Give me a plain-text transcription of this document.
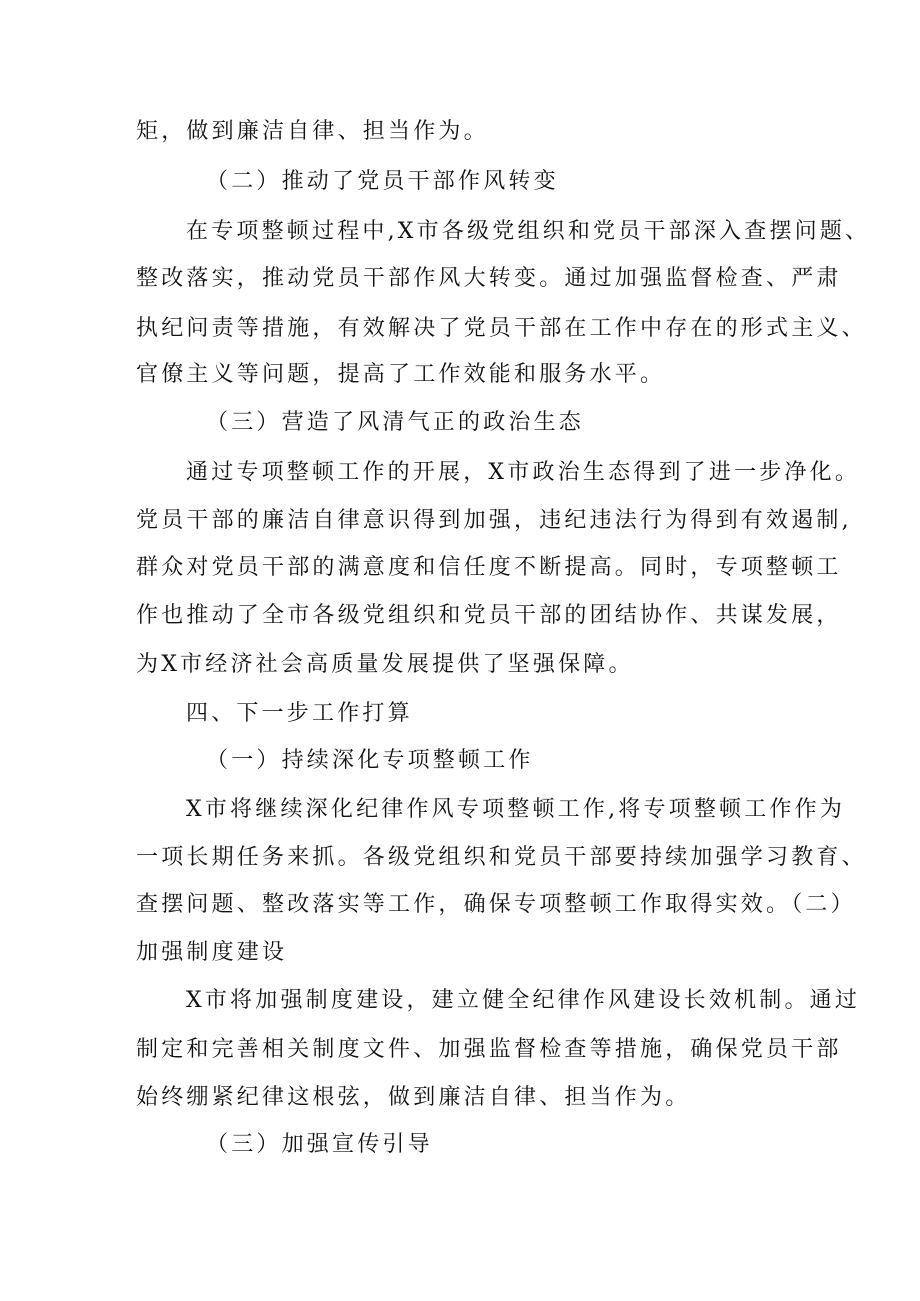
矩，做到廉洁自律、担当作为。
（二）推动了党员干部作风转变
在专项整顿过程中,X市各级党组织和党员干部深入查摆问题、
整改落实，推动党员干部作风大转变。通过加强监督检查、严肃
执纪问责等措施，有效解决了党员干部在工作中存在的形式主义、
官僚主义等问题，提高了工作效能和服务水平。
（三）营造了风清气正的政治生态
通过专项整顿工作的开展，X市政治生态得到了进一步净化。
党员干部的廉洁自律意识得到加强，违纪违法行为得到有效遏制,
群众对党员干部的满意度和信任度不断提高。同时，专项整顿工
作也推动了全市各级党组织和党员干部的团结协作、共谋发展，
为X市经济社会高质量发展提供了坚强保障。
四、下一步工作打算
（一）持续深化专项整顿工作
X市将继续深化纪律作风专项整顿工作,将专项整顿工作作为
一项长期任务来抓。各级党组织和党员干部要持续加强学习教育、
查摆问题、整改落实等工作，确保专项整顿工作取得实效。（二）
加强制度建设
X市将加强制度建设，建立健全纪律作风建设长效机制。通过
制定和完善相关制度文件、加强监督检查等措施，确保党员干部
始终绷紧纪律这根弦，做到廉洁自律、担当作为。
（三）加强宣传引导
